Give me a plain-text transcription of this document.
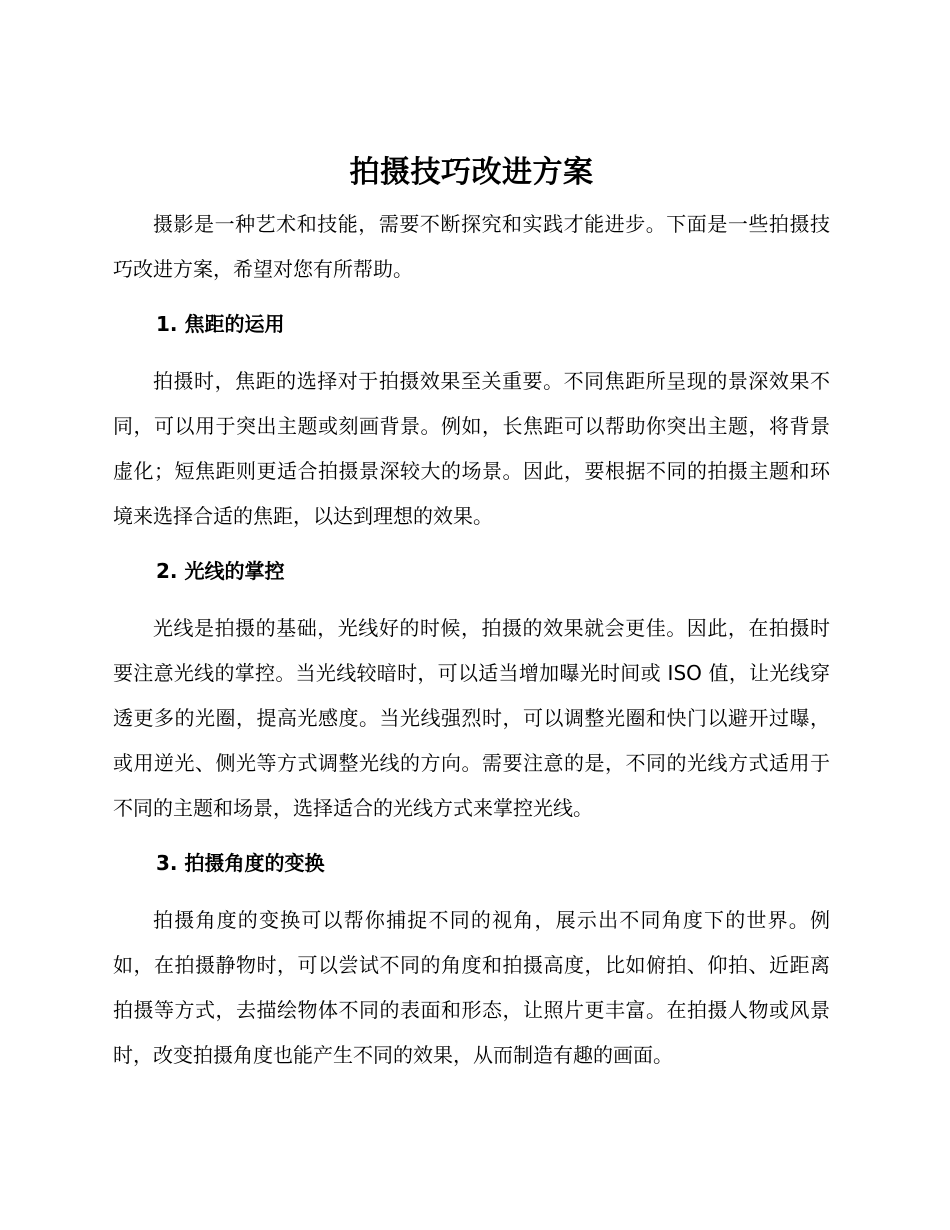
拍摄技巧改进方案

摄影是一种艺术和技能，需要不断探究和实践才能进步。下面是一些拍摄技巧改进方案，希望对您有所帮助。

1. 焦距的运用

拍摄时，焦距的选择对于拍摄效果至关重要。不同焦距所呈现的景深效果不同，可以用于突出主题或刻画背景。例如，长焦距可以帮助你突出主题，将背景虚化；短焦距则更适合拍摄景深较大的场景。因此，要根据不同的拍摄主题和环境来选择合适的焦距，以达到理想的效果。

2. 光线的掌控

光线是拍摄的基础，光线好的时候，拍摄的效果就会更佳。因此，在拍摄时要注意光线的掌控。当光线较暗时，可以适当增加曝光时间或 ISO 值，让光线穿透更多的光圈，提高光感度。当光线强烈时，可以调整光圈和快门以避开过曝，或用逆光、侧光等方式调整光线的方向。需要注意的是，不同的光线方式适用于不同的主题和场景，选择适合的光线方式来掌控光线。

3. 拍摄角度的变换

拍摄角度的变换可以帮你捕捉不同的视角，展示出不同角度下的世界。例如，在拍摄静物时，可以尝试不同的角度和拍摄高度，比如俯拍、仰拍、近距离拍摄等方式，去描绘物体不同的表面和形态，让照片更丰富。在拍摄人物或风景时，改变拍摄角度也能产生不同的效果，从而制造有趣的画面。
